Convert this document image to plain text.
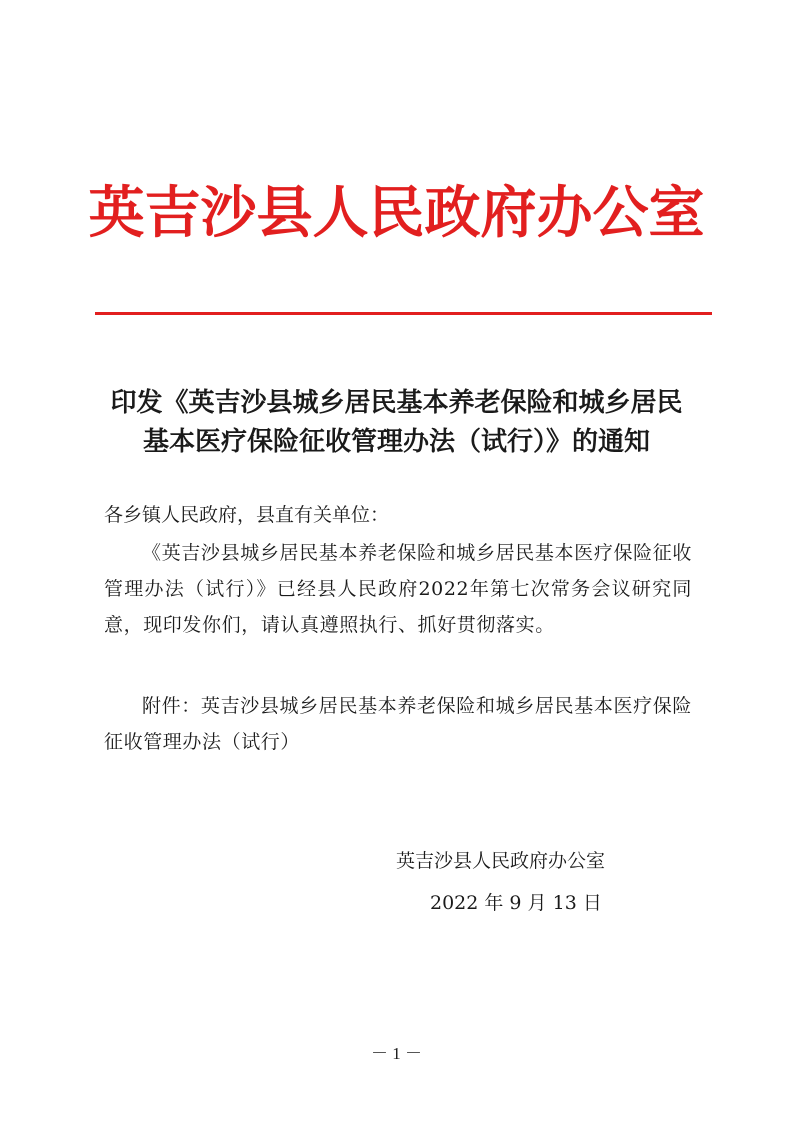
英吉沙县人民政府办公室
印发《英吉沙县城乡居民基本养老保险和城乡居民
基本医疗保险征收管理办法（试行）》的通知
各乡镇人民政府，县直有关单位：
《英吉沙县城乡居民基本养老保险和城乡居民基本医疗保险征收管理办法（试行）》已经县人民政府2022年第七次常务会议研究同意，现印发你们，请认真遵照执行、抓好贯彻落实。
附件：英吉沙县城乡居民基本养老保险和城乡居民基本医疗保险征收管理办法（试行）
英吉沙县人民政府办公室
2022 年 9 月 13 日
－ 1 －
